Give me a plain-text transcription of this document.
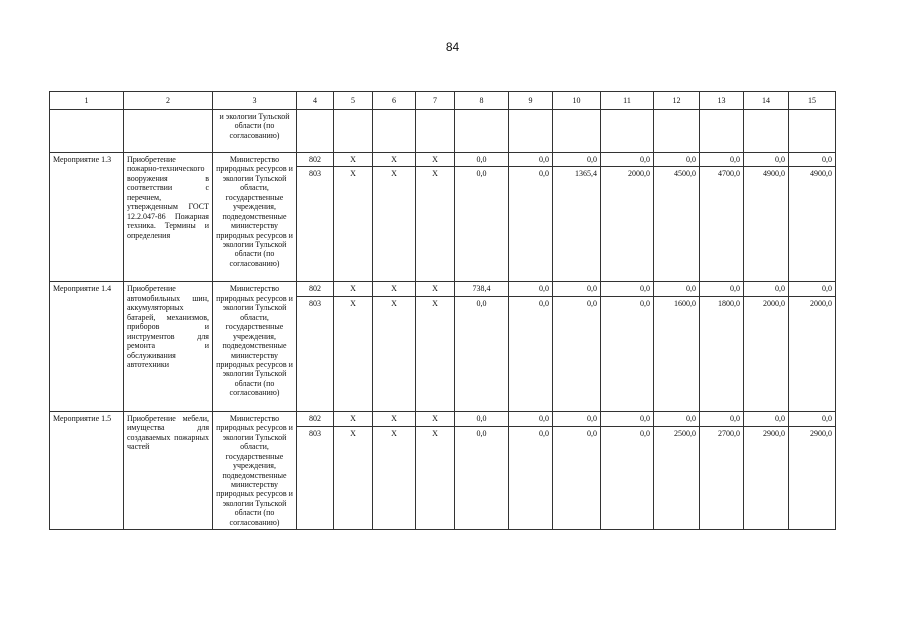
84
1	2	3	4	5	6	7	8	9	10	11	12	13	14	15
		и экологии Тульской области (по согласованию)												
Мероприятие 1.3	Приобретение пожарно-технического вооружения в соответствии с перечнем, утвержденным ГОСТ 12.2.047-86 Пожарная техника. Термины и определения	Министерство природных ресурсов и экологии Тульской области, государственные учреждения, подведомственные министерству природных ресурсов и экологии Тульской области (по согласованию)	802	Х	Х	Х	0,0	0,0	0,0	0,0	0,0	0,0	0,0	0,0
			803	Х	Х	Х	0,0	0,0	1365,4	2000,0	4500,0	4700,0	4900,0	4900,0
Мероприятие 1.4	Приобретение автомобильных шин, аккумуляторных батарей, механизмов, приборов и инструментов для ремонта и обслуживания автотехники	Министерство природных ресурсов и экологии Тульской области, государственные учреждения, подведомственные министерству природных ресурсов и экологии Тульской области (по согласованию)	802	Х	Х	Х	738,4	0,0	0,0	0,0	0,0	0,0	0,0	0,0
			803	Х	Х	Х	0,0	0,0	0,0	0,0	1600,0	1800,0	2000,0	2000,0
Мероприятие 1.5	Приобретение мебели, имущества для создаваемых пожарных частей	Министерство природных ресурсов и экологии Тульской области, государственные учреждения, подведомственные министерству природных ресурсов и экологии Тульской области (по согласованию)	802	Х	Х	Х	0,0	0,0	0,0	0,0	0,0	0,0	0,0	0,0
			803	Х	Х	Х	0,0	0,0	0,0	0,0	2500,0	2700,0	2900,0	2900,0
